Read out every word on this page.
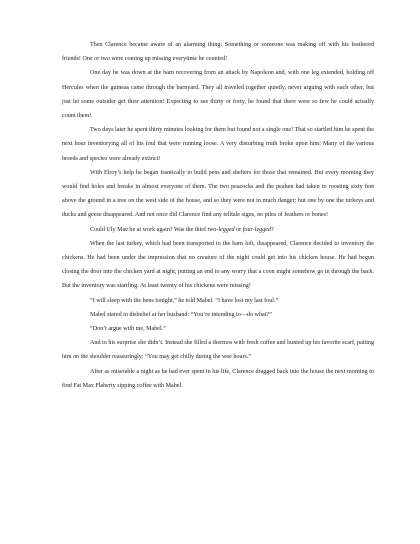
Then Clarence became aware of an alarming thing: Something or someone was making off with his feathered friends! One or two were coming up missing everytime he counted!

One day he was down at the barn recovering from an attack by Napoleon and, with one leg extended, holding off Hercules when the guineas came through the barnyard. They all traveled together quietly, never arguing with each other, but just let some outsider get their attention! Expecting to see thirty or forty, he found that there were so few he could actually count them!

Two days later he spent thirty minutes looking for them but found not a single one! That so startled him he spent the next hour inventorying all of his foul that were running loose. A very disturbing truth broke upon him: Many of the various breeds and species were already extinct!

With Elroy’s help he began frantically to build pens and shelters for those that remained. But every morning they would find holes and breaks in almost everyone of them. The two peacocks and the peahen had taken to roosting sixty feet above the ground in a tree on the west side of the house, and so they were not in much danger; but one by one the turkeys and ducks and geese disappeared. And not once did Clarence find any telltale signs, no piles of feathers or bones!

Could Uly Mae be at work again? Was the thief two-legged or four-legged?

When the last turkey, which had been transported to the barn loft, disappeared, Clarence decided to inventory the chickens. He had been under the impression that no creature of the night could get into his chicken house. He had begun closing the door into the chicken yard at night, putting an end to any worry that a coon might somehow go in through the back. But the inventory was startling: At least twenty of his chickens were missing!

“I will sleep with the hens tonight,” he told Mabel. “I have lost my last foul.”

Mabel stared in disbelief at her husband: “You’re intending to—do what?”

“Don’t argue with me, Mabel.”

And to his surprise she didn’t. Instead she filled a thermos with fresh coffee and hunted up his favorite scarf, patting him on the shoulder reassuringly: “You may get chilly during the wee hours.”

After as miserable a night as he had ever spent in his life, Clarence dragged back into the house the next morning to find Fat Max Flaherty sipping coffee with Mabel.
